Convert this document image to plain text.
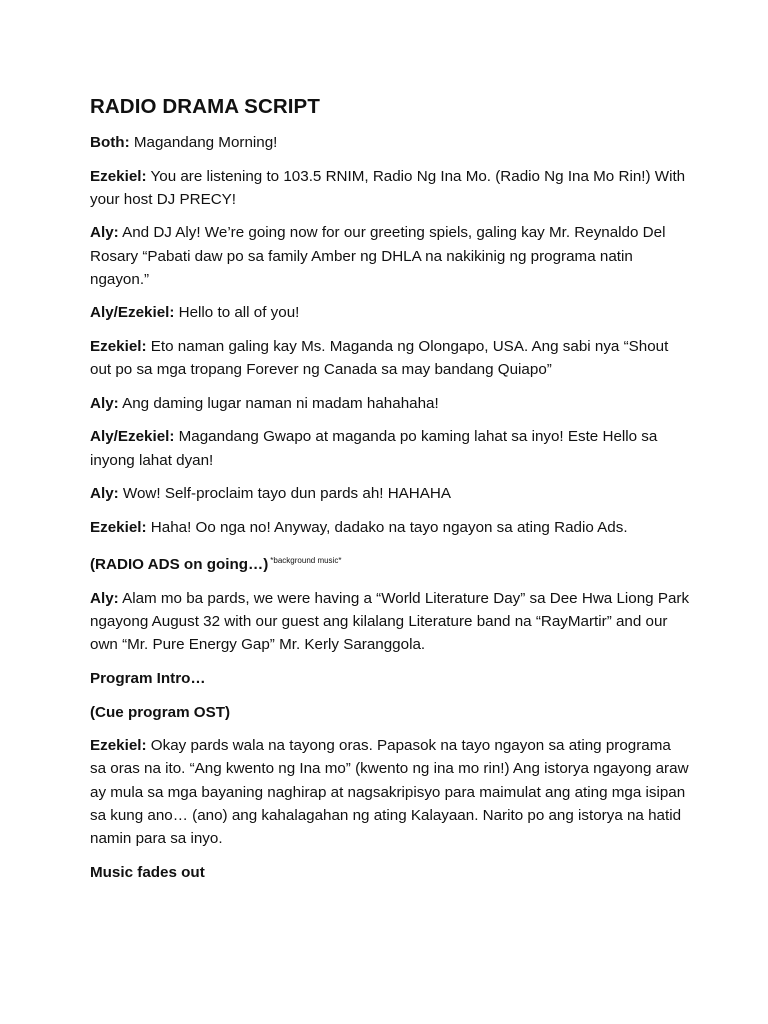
RADIO DRAMA SCRIPT

Both: Magandang Morning!

Ezekiel: You are listening to 103.5 RNIM, Radio Ng Ina Mo. (Radio Ng Ina Mo Rin!) With your host DJ PRECY!

Aly: And DJ Aly! We’re going now for our greeting spiels, galing kay Mr. Reynaldo Del Rosary “Pabati daw po sa family Amber ng DHLA na nakikinig ng programa natin ngayon.”

Aly/Ezekiel: Hello to all of you!

Ezekiel: Eto naman galing kay Ms. Maganda ng Olongapo, USA. Ang sabi nya “Shout out po sa mga tropang Forever ng Canada sa may bandang Quiapo”

Aly: Ang daming lugar naman ni madam hahahaha!

Aly/Ezekiel: Magandang Gwapo at maganda po kaming lahat sa inyo! Este Hello sa inyong lahat dyan!

Aly: Wow! Self-proclaim tayo dun pards ah! HAHAHA

Ezekiel: Haha! Oo nga no! Anyway, dadako na tayo ngayon sa ating Radio Ads.

(RADIO ADS on going…) $^{*background music*}$

Aly: Alam mo ba pards, we were having a “World Literature Day” sa Dee Hwa Liong Park ngayong August 32 with our guest ang kilalang Literature band na “RayMartir” and our own “Mr. Pure Energy Gap” Mr. Kerly Saranggola.

Program Intro…

(Cue program OST)

Ezekiel: Okay pards wala na tayong oras. Papasok na tayo ngayon sa ating programa sa oras na ito. “Ang kwento ng Ina mo” (kwento ng ina mo rin!) Ang istorya ngayong araw ay mula sa mga bayaning naghirap at nagsakripisyo para maimulat ang ating mga isipan sa kung ano… (ano) ang kahalagahan ng ating Kalayaan. Narito po ang istorya na hatid namin para sa inyo.

Music fades out
